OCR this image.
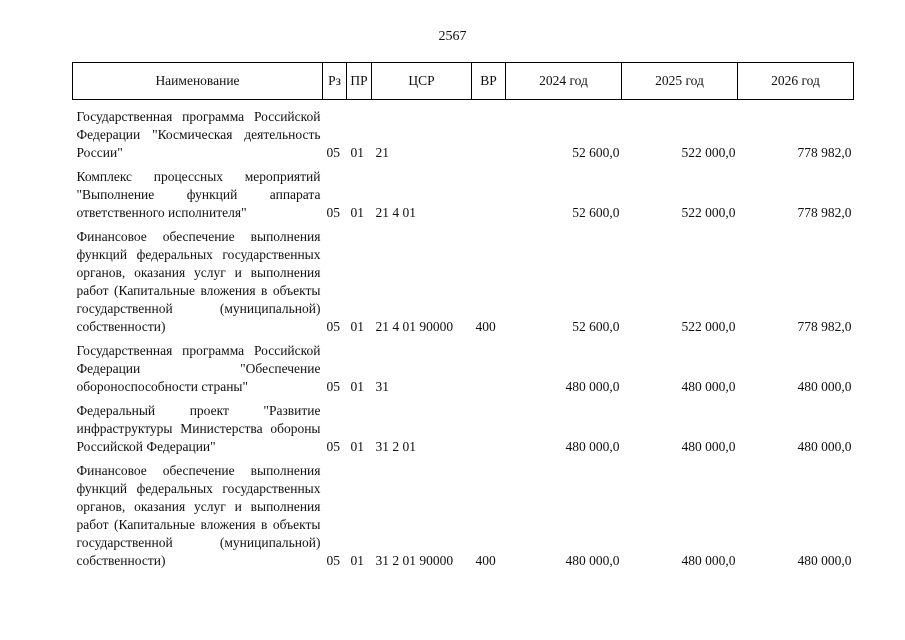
2567
Наименование	Рз	ПР	ЦСР	ВР	2024 год	2025 год	2026 год
Государственная программа Российской Федерации "Космическая деятельность России"	05	01	21		52 600,0	522 000,0	778 982,0
Комплекс процессных мероприятий "Выполнение функций аппарата ответственного исполнителя"	05	01	21 4 01		52 600,0	522 000,0	778 982,0
Финансовое обеспечение выполнения функций федеральных государственных органов, оказания услуг и выполнения работ (Капитальные вложения в объекты государственной (муниципальной) собственности)	05	01	21 4 01 90000	400	52 600,0	522 000,0	778 982,0
Государственная программа Российской Федерации "Обеспечение обороноспособности страны"	05	01	31		480 000,0	480 000,0	480 000,0
Федеральный проект "Развитие инфраструктуры Министерства обороны Российской Федерации"	05	01	31 2 01		480 000,0	480 000,0	480 000,0
Финансовое обеспечение выполнения функций федеральных государственных органов, оказания услуг и выполнения работ (Капитальные вложения в объекты государственной (муниципальной) собственности)	05	01	31 2 01 90000	400	480 000,0	480 000,0	480 000,0
